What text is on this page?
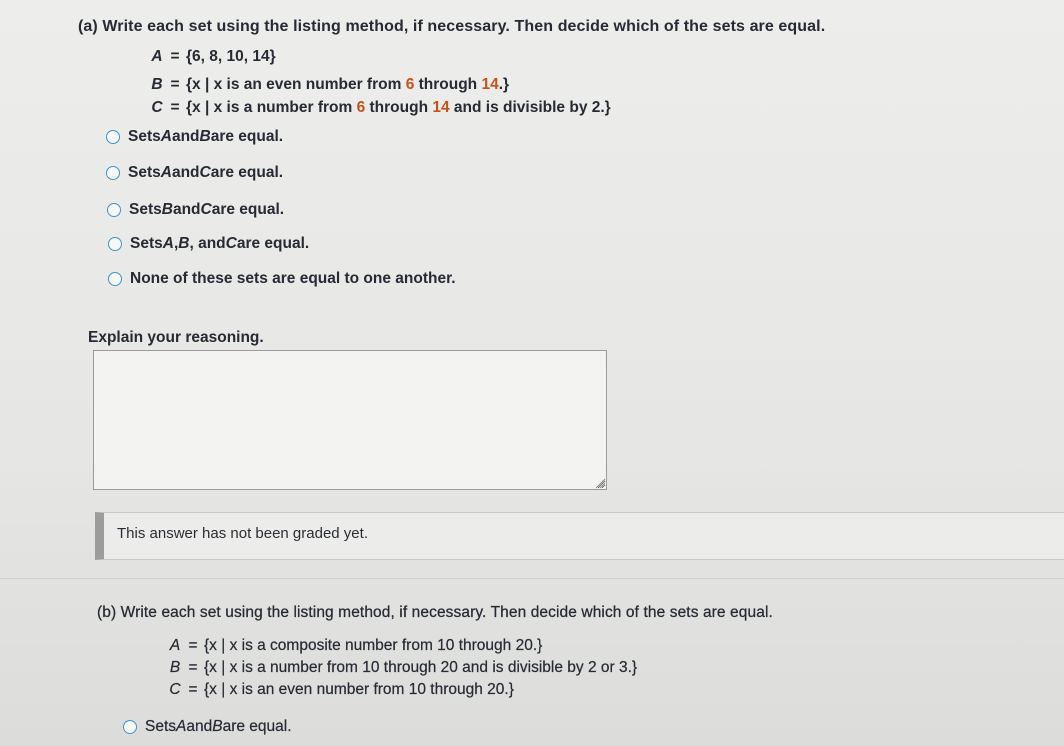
(a) Write each set using the listing method, if necessary. Then decide which of the sets are equal.
A = {6, 8, 10, 14}
B = {x | x is an even number from 6 through 14.}
C = {x | x is a number from 6 through 14 and is divisible by 2.}
Sets A and B are equal.
Sets A and C are equal.
Sets B and C are equal.
Sets A , B , and C are equal.
None of these sets are equal to one another.
Explain your reasoning.
This answer has not been graded yet.
(b) Write each set using the listing method, if necessary. Then decide which of the sets are equal.
A = {x | x is a composite number from 10 through 20.}
B = {x | x is a number from 10 through 20 and is divisible by 2 or 3.}
C = {x | x is an even number from 10 through 20.}
Sets A and B are equal.
